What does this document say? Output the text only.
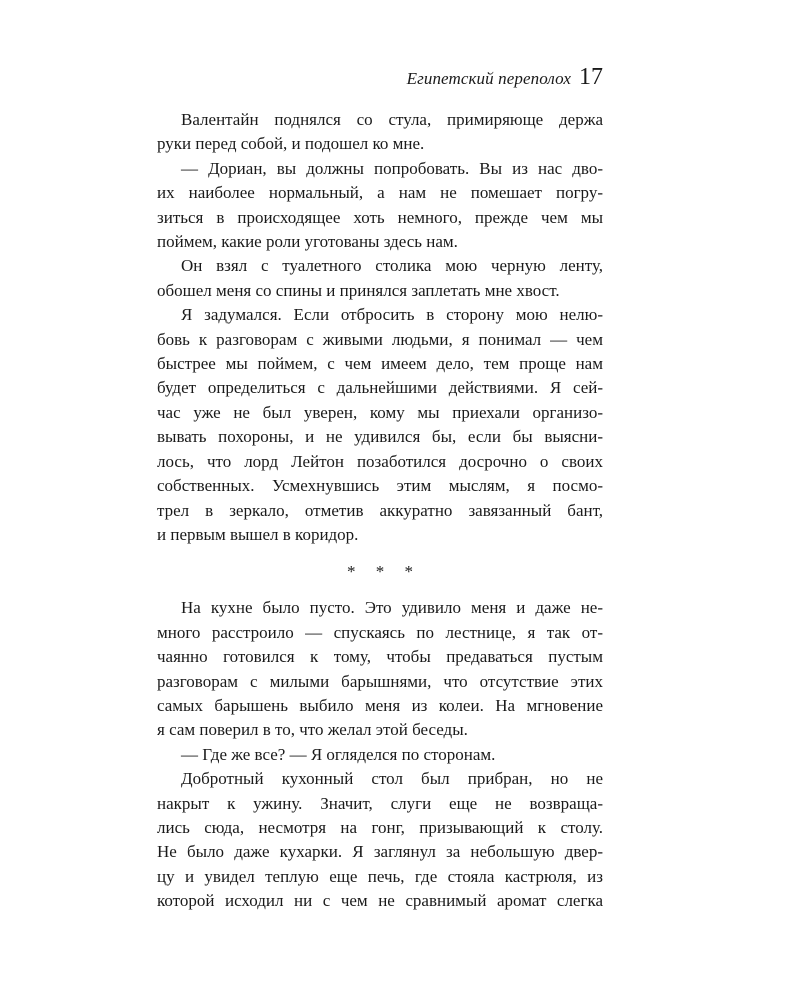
Египетский переполох 17
Валентайн поднялся со стула, примиряюще держа
руки перед собой, и подошел ко мне.
— Дориан, вы должны попробовать. Вы из нас дво-
их наиболее нормальный, а нам не помешает погру-
зиться в происходящее хоть немного, прежде чем мы
поймем, какие роли уготованы здесь нам.
Он взял с туалетного столика мою черную ленту,
обошел меня со спины и принялся заплетать мне хвост.
Я задумался. Если отбросить в сторону мою нелю-
бовь к разговорам с живыми людьми, я понимал — чем
быстрее мы поймем, с чем имеем дело, тем проще нам
будет определиться с дальнейшими действиями. Я сей-
час уже не был уверен, кому мы приехали организо-
вывать похороны, и не удивился бы, если бы выясни-
лось, что лорд Лейтон позаботился досрочно о своих
собственных. Усмехнувшись этим мыслям, я посмо-
трел в зеркало, отметив аккуратно завязанный бант,
и первым вышел в коридор.
* * *
На кухне было пусто. Это удивило меня и даже не-
много расстроило — спускаясь по лестнице, я так от-
чаянно готовился к тому, чтобы предаваться пустым
разговорам с милыми барышнями, что отсутствие этих
самых барышень выбило меня из колеи. На мгновение
я сам поверил в то, что желал этой беседы.
— Где же все? — Я огляделся по сторонам.
Добротный кухонный стол был прибран, но не
накрыт к ужину. Значит, слуги еще не возвраща-
лись сюда, несмотря на гонг, призывающий к столу.
Не было даже кухарки. Я заглянул за небольшую двер-
цу и увидел теплую еще печь, где стояла кастрюля, из
которой исходил ни с чем не сравнимый аромат слегка
